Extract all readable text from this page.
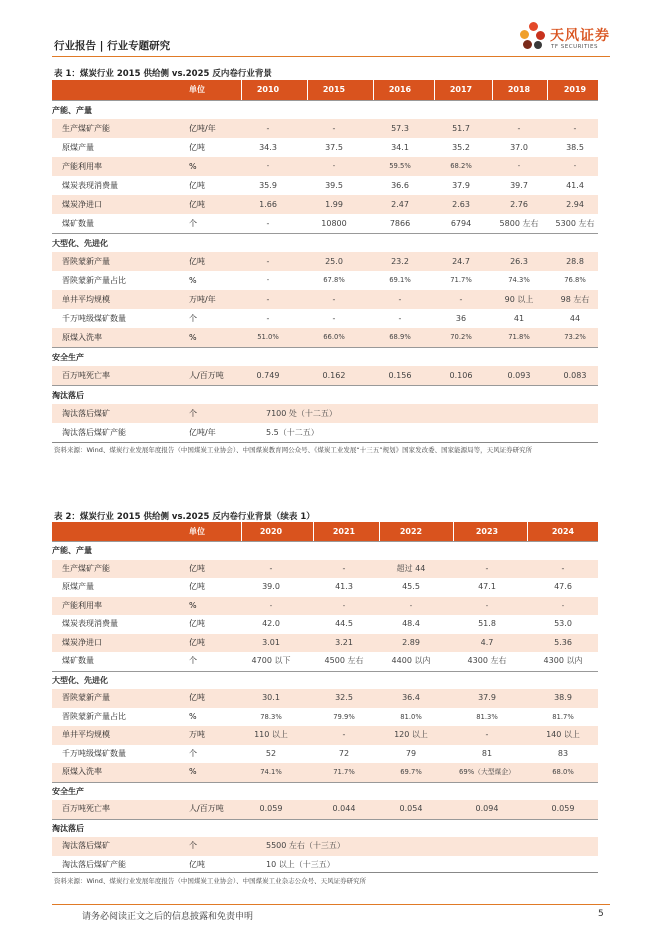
行业报告 | 行业专题研究
天风证券
TF SECURITIES
表 1：煤炭行业 2015 供给侧 vs.2025 反内卷行业背景
单位	2010	2015	2016	2017	2018	2019
产能、产量
生产煤矿产能	亿吨/年	-	-	57.3	51.7	-	-
原煤产量	亿吨	34.3	37.5	34.1	35.2	37.0	38.5
产能利用率	%	-	-	59.5%	68.2%	-	-
煤炭表现消费量	亿吨	35.9	39.5	36.6	37.9	39.7	41.4
煤炭净进口	亿吨	1.66	1.99	2.47	2.63	2.76	2.94
煤矿数量	个	-	10800	7866	6794	5800 左右	5300 左右
大型化、先进化
晋陕蒙新产量	亿吨	-	25.0	23.2	24.7	26.3	28.8
晋陕蒙新产量占比	%	-	67.8%	69.1%	71.7%	74.3%	76.8%
单井平均规模	万吨/年	-	-	-	-	90 以上	98 左右
千万吨级煤矿数量	个	-	-	-	36	41	44
原煤入洗率	%	51.0%	66.0%	68.9%	70.2%	71.8%	73.2%
安全生产
百万吨死亡率	人/百万吨	0.749	0.162	0.156	0.106	0.093	0.083
淘汰落后
淘汰落后煤矿	个	7100 处（十二五）
淘汰落后煤矿产能	亿吨/年	5.5（十二五）
资料来源：Wind、煤炭行业发展年度报告（中国煤炭工业协会）、中国煤炭教育网公众号、《煤炭工业发展“十三五”规划》国家发改委、国家能源局等，天风证券研究所
表 2：煤炭行业 2015 供给侧 vs.2025 反内卷行业背景（续表 1）
单位	2020	2021	2022	2023	2024
产能、产量
生产煤矿产能	亿吨	-	-	超过 44	-	-
原煤产量	亿吨	39.0	41.3	45.5	47.1	47.6
产能利用率	%	-	-	-	-	-
煤炭表现消费量	亿吨	42.0	44.5	48.4	51.8	53.0
煤炭净进口	亿吨	3.01	3.21	2.89	4.7	5.36
煤矿数量	个	4700 以下	4500 左右	4400 以内	4300 左右	4300 以内
大型化、先进化
晋陕蒙新产量	亿吨	30.1	32.5	36.4	37.9	38.9
晋陕蒙新产量占比	%	78.3%	79.9%	81.0%	81.3%	81.7%
单井平均规模	万吨	110 以上	-	120 以上	-	140 以上
千万吨级煤矿数量	个	52	72	79	81	83
原煤入洗率	%	74.1%	71.7%	69.7%	69%（大型煤企）	68.0%
安全生产
百万吨死亡率	人/百万吨	0.059	0.044	0.054	0.094	0.059
淘汰落后
淘汰落后煤矿	个	5500 左右（十三五）
淘汰落后煤矿产能	亿吨	10 以上（十三五）
资料来源：Wind、煤炭行业发展年度报告（中国煤炭工业协会）、中国煤炭工业杂志公众号、天风证券研究所
请务必阅读正文之后的信息披露和免责申明	5
